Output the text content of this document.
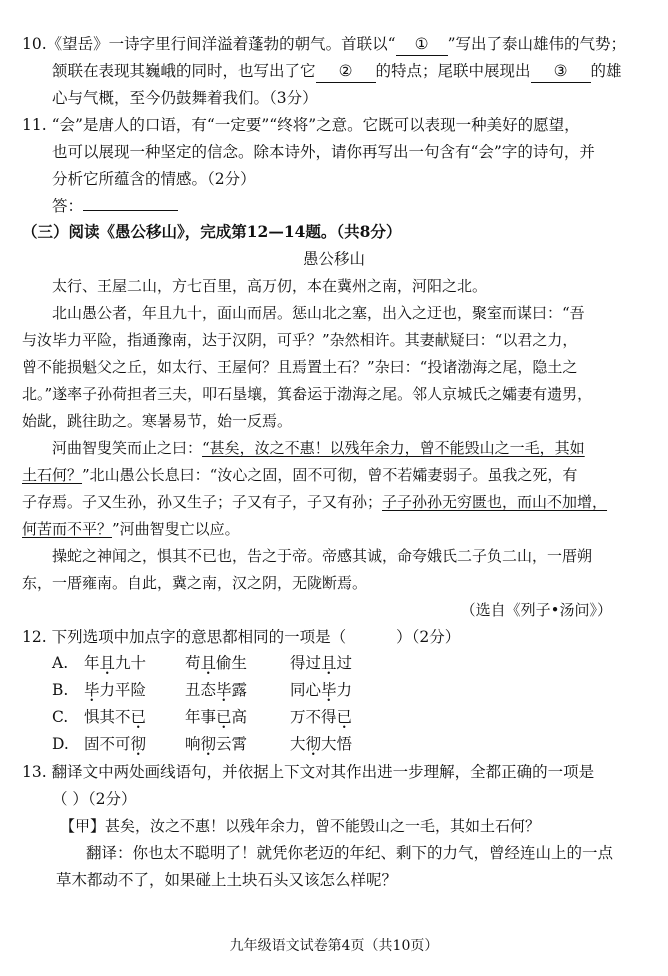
10.《望岳》一诗字里行间洋溢着蓬勃的朝气。首联以“ ① ”写出了泰山雄伟的气势；
颔联在表现其巍峨的同时，也写出了它 ② 的特点；尾联中展现出 ③ 的雄
心与气概，至今仍鼓舞着我们。（3分）
11. “会”是唐人的口语，有“一定要”“终将”之意。它既可以表现一种美好的愿望，
也可以展现一种坚定的信念。除本诗外，请你再写出一句含有“会”字的诗句，并
分析它所蕴含的情感。（2分）
答：
（三）阅读《愚公移山》，完成第12—14题。（共8分）
愚公移山
太行、王屋二山，方七百里，高万仞，本在冀州之南，河阳之北。
北山愚公者，年且九十，面山而居。惩山北之塞，出入之迂也，聚室而谋曰：“吾
与汝毕力平险，指通豫南，达于汉阴，可乎？”杂然相许。其妻献疑曰：“以君之力，
曾不能损魁父之丘，如太行、王屋何？且焉置土石？”杂曰：“投诸渤海之尾，隐土之
北。”遂率子孙荷担者三夫，叩石垦壤，箕畚运于渤海之尾。邻人京城氏之孀妻有遗男，
始龀，跳往助之。寒暑易节，始一反焉。
河曲智叟笑而止之曰：“甚矣，汝之不惠！以残年余力，曾不能毁山之一毛，其如
土石何？”北山愚公长息曰：“汝心之固，固不可彻，曾不若孀妻弱子。虽我之死，有
子存焉。子又生孙，孙又生子；子又有子，子又有孙；子子孙孙无穷匮也，而山不加增，
何苦而不平？”河曲智叟亡以应。
操蛇之神闻之，惧其不已也，告之于帝。帝感其诚，命夸娥氏二子负二山，一厝朔
东，一厝雍南。自此，冀之南，汉之阴，无陇断焉。
（选自《列子•汤问》）
12. 下列选项中加点字的意思都相同的一项是（	）（2分）
A. 年且九十	苟且偷生	得过且过
B. 毕力平险	丑态毕露	同心毕力
C. 惧其不已	年事已高	万不得已
D. 固不可彻	响彻云霄	大彻大悟
13. 翻译文中两处画线语句，并依据上下文对其作出进一步理解，全都正确的一项是
（ ）（2分）
【甲】甚矣，汝之不惠！以残年余力，曾不能毁山之一毛，其如土石何？
翻译：你也太不聪明了！就凭你老迈的年纪、剩下的力气，曾经连山上的一点
草木都动不了，如果碰上土块石头又该怎么样呢？
九年级语文试卷第4页（共10页）
